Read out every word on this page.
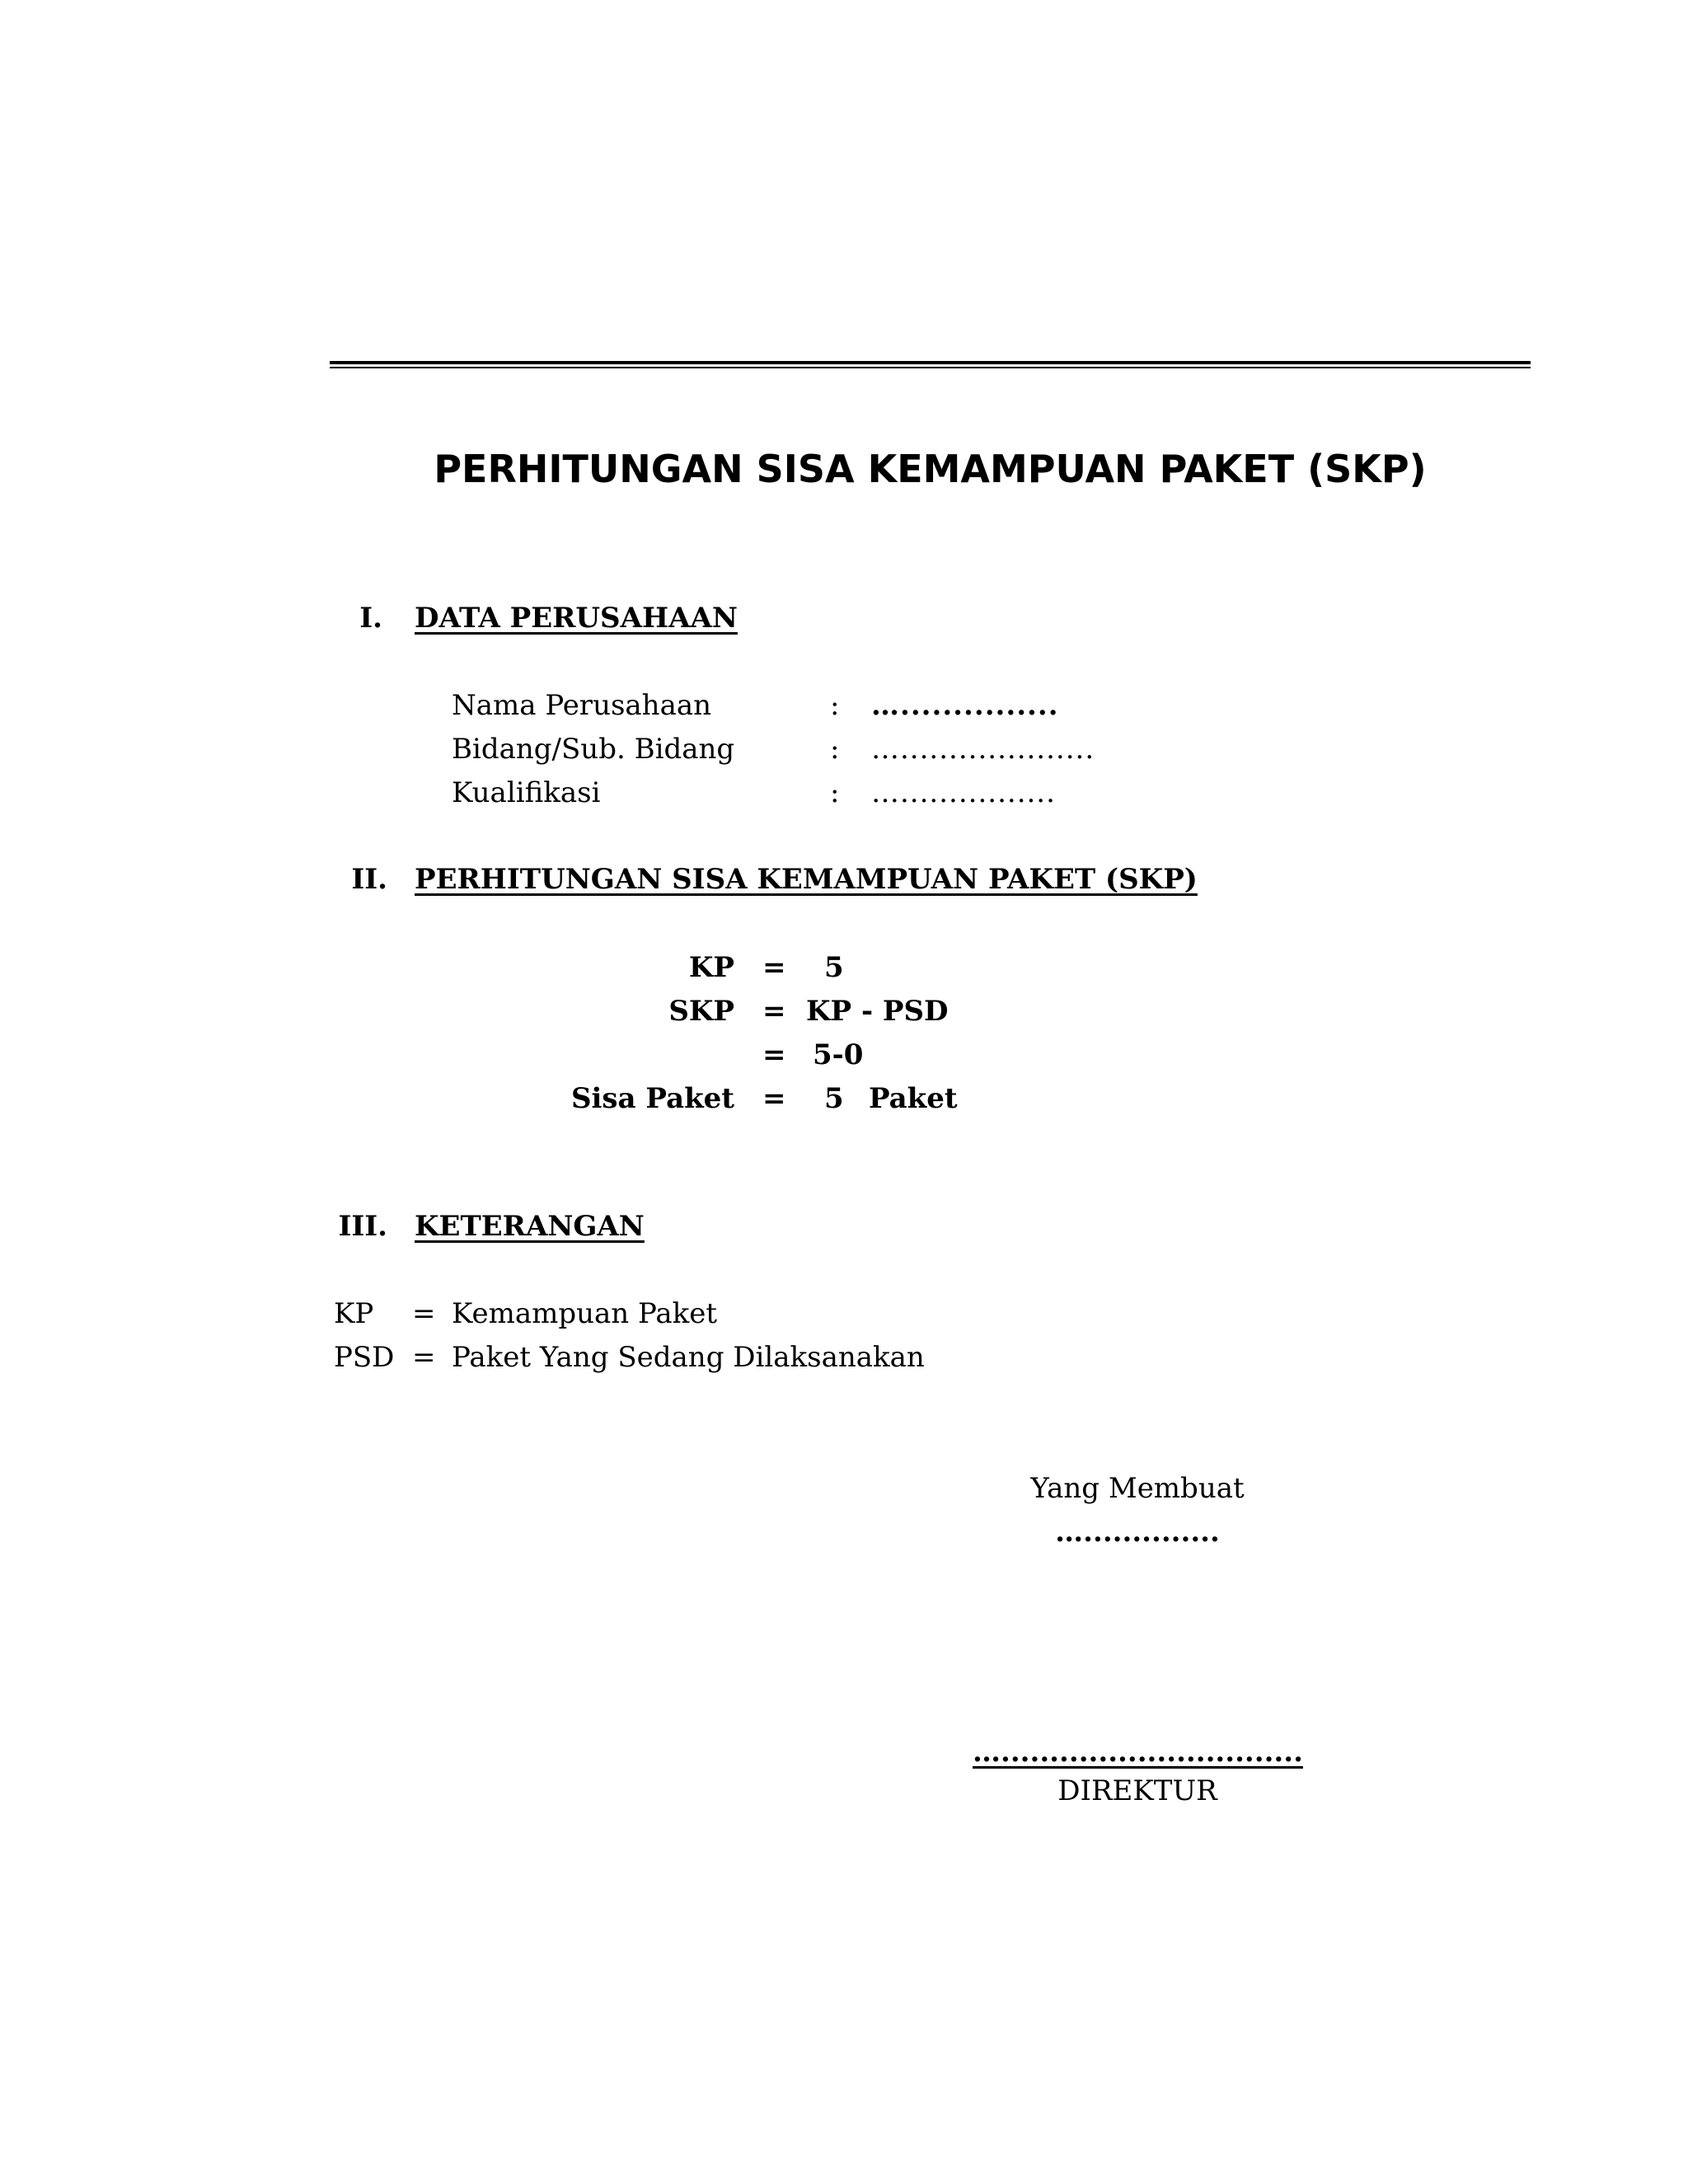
PERHITUNGAN SISA KEMAMPUAN PAKET (SKP)
I. DATA PERUSAHAAN
Nama Perusahaan	: …...............
Bidang/Sub. Bidang	: …....................
Kualifikasi	: …................
II. PERHITUNGAN SISA KEMAMPUAN PAKET (SKP)
KP = 5
SKP = KP - PSD
= 5-0
Sisa Paket = 5 Paket
III. KETERANGAN
KP = Kemampuan Paket
PSD = Paket Yang Sedang Dilaksanakan
Yang Membuat
…..............
…...............................
DIREKTUR
